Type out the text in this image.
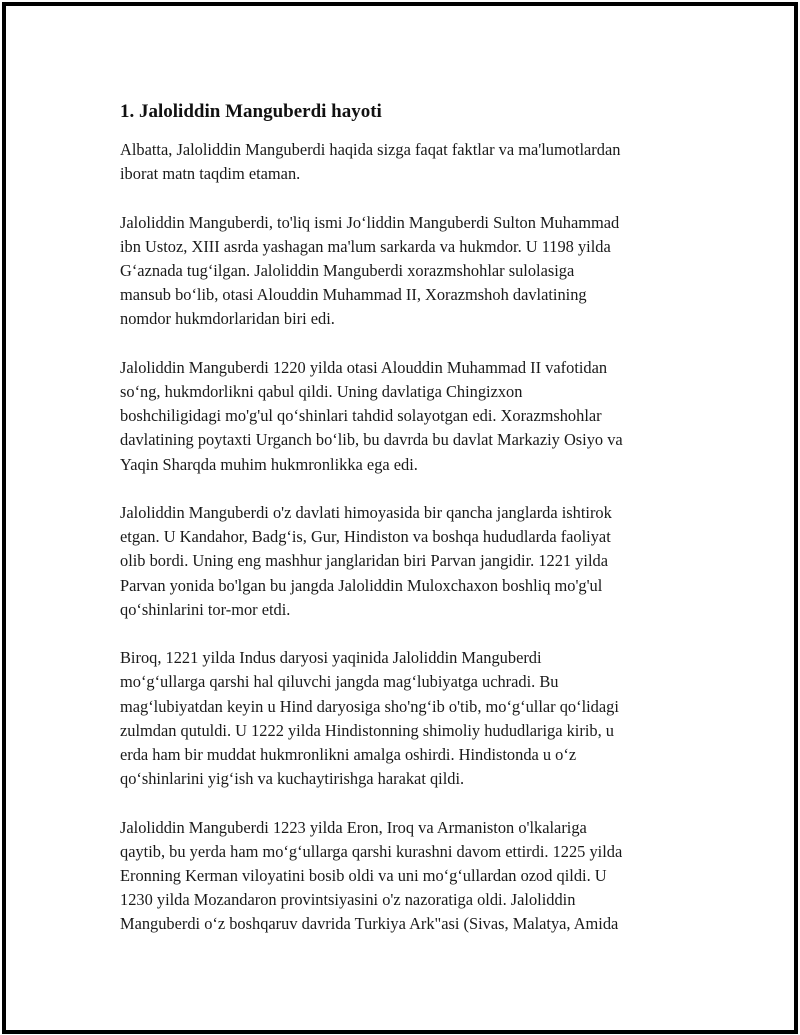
1. Jaloliddin Manguberdi hayoti

Albatta, Jaloliddin Manguberdi haqida sizga faqat faktlar va ma'lumotlardan
iborat matn taqdim etaman.

Jaloliddin Manguberdi, to'liq ismi Jo‘liddin Manguberdi Sulton Muhammad
ibn Ustoz, XIII asrda yashagan ma'lum sarkarda va hukmdor. U 1198 yilda
G‘aznada tug‘ilgan. Jaloliddin Manguberdi xorazmshohlar sulolasiga
mansub bo‘lib, otasi Alouddin Muhammad II, Xorazmshoh davlatining
nomdor hukmdorlaridan biri edi.

Jaloliddin Manguberdi 1220 yilda otasi Alouddin Muhammad II vafotidan
so‘ng, hukmdorlikni qabul qildi. Uning davlatiga Chingizxon
boshchiligidagi mo'g'ul qo‘shinlari tahdid solayotgan edi. Xorazmshohlar
davlatining poytaxti Urganch bo‘lib, bu davrda bu davlat Markaziy Osiyo va
Yaqin Sharqda muhim hukmronlikka ega edi.

Jaloliddin Manguberdi o'z davlati himoyasida bir qancha janglarda ishtirok
etgan. U Kandahor, Badg‘is, Gur, Hindiston va boshqa hududlarda faoliyat
olib bordi. Uning eng mashhur janglaridan biri Parvan jangidir. 1221 yilda
Parvan yonida bo'lgan bu jangda Jaloliddin Muloxchaxon boshliq mo'g'ul
qo‘shinlarini tor-mor etdi.

Biroq, 1221 yilda Indus daryosi yaqinida Jaloliddin Manguberdi
mo‘g‘ullarga qarshi hal qiluvchi jangda mag‘lubiyatga uchradi. Bu
mag‘lubiyatdan keyin u Hind daryosiga sho'ng‘ib o'tib, mo‘g‘ullar qo‘lidagi
zulmdan qutuldi. U 1222 yilda Hindistonning shimoliy hududlariga kirib, u
erda ham bir muddat hukmronlikni amalga oshirdi. Hindistonda u o‘z
qo‘shinlarini yig‘ish va kuchaytirishga harakat qildi.

Jaloliddin Manguberdi 1223 yilda Eron, Iroq va Armaniston o'lkalariga
qaytib, bu yerda ham mo‘g‘ullarga qarshi kurashni davom ettirdi. 1225 yilda
Eronning Kerman viloyatini bosib oldi va uni mo‘g‘ullardan ozod qildi. U
1230 yilda Mozandaron provintsiyasini o'z nazoratiga oldi. Jaloliddin
Manguberdi o‘z boshqaruv davrida Turkiya Ark"asi (Sivas, Malatya, Amida
